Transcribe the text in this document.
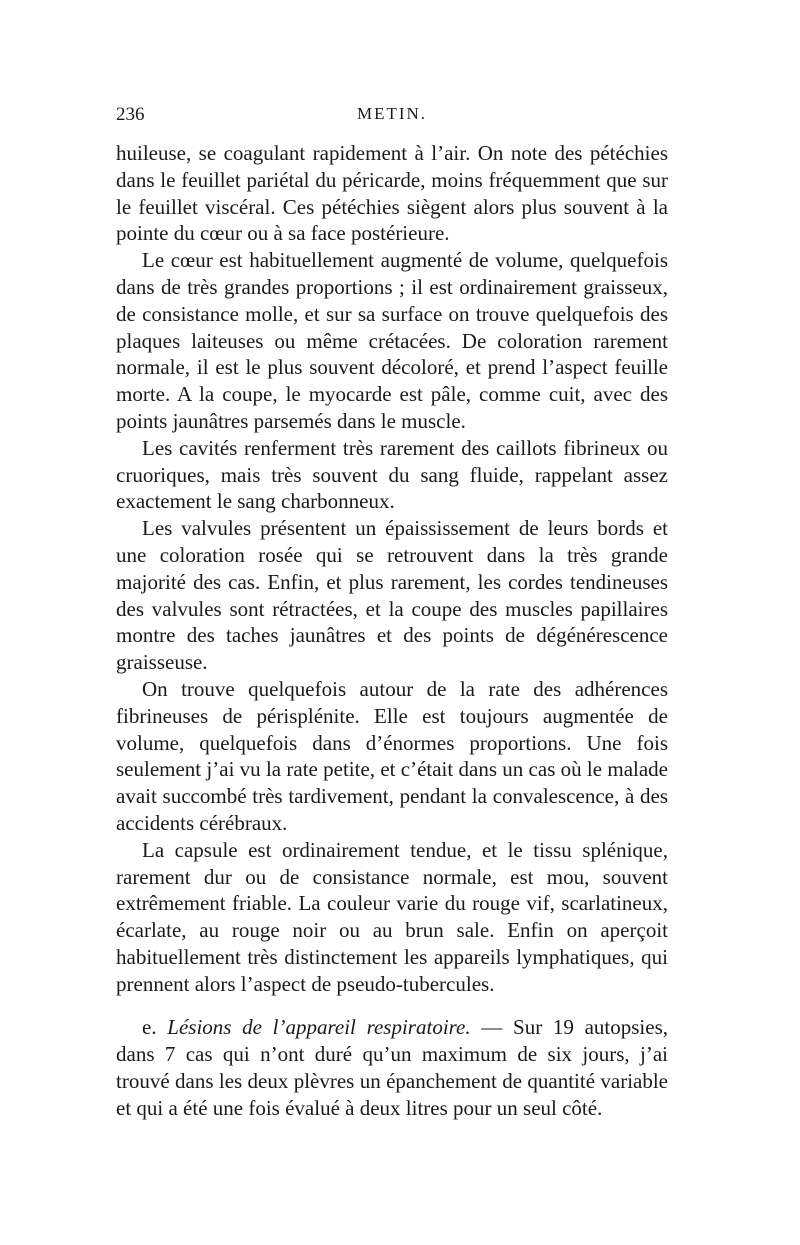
236	METIN.

huileuse, se coagulant rapidement à l’air. On note des pétéchies dans le feuillet pariétal du péricarde, moins fréquemment que sur le feuillet viscéral. Ces pétéchies siègent alors plus souvent à la pointe du cœur ou à sa face postérieure.

Le cœur est habituellement augmenté de volume, quelquefois dans de très grandes proportions ; il est ordinairement graisseux, de consistance molle, et sur sa surface on trouve quelquefois des plaques laiteuses ou même crétacées. De coloration rarement normale, il est le plus souvent décoloré, et prend l’aspect feuille morte. A la coupe, le myocarde est pâle, comme cuit, avec des points jaunâtres parsemés dans le muscle.

Les cavités renferment très rarement des caillots fibrineux ou cruoriques, mais très souvent du sang fluide, rappelant assez exactement le sang charbonneux.

Les valvules présentent un épaississement de leurs bords et une coloration rosée qui se retrouvent dans la très grande majorité des cas. Enfin, et plus rarement, les cordes tendineuses des valvules sont rétractées, et la coupe des muscles papillaires montre des taches jaunâtres et des points de dégénérescence graisseuse.

On trouve quelquefois autour de la rate des adhérences fibrineuses de périsplénite. Elle est toujours augmentée de volume, quelquefois dans d’énormes proportions. Une fois seulement j’ai vu la rate petite, et c’était dans un cas où le malade avait succombé très tardivement, pendant la convalescence, à des accidents cérébraux.

La capsule est ordinairement tendue, et le tissu splénique, rarement dur ou de consistance normale, est mou, souvent extrêmement friable. La couleur varie du rouge vif, scarlatineux, écarlate, au rouge noir ou au brun sale. Enfin on aperçoit habituellement très distinctement les appareils lymphatiques, qui prennent alors l’aspect de pseudo-tubercules.

e. Lésions de l’appareil respiratoire. — Sur 19 autopsies, dans 7 cas qui n’ont duré qu’un maximum de six jours, j’ai trouvé dans les deux plèvres un épanchement de quantité variable et qui a été une fois évalué à deux litres pour un seul côté.
